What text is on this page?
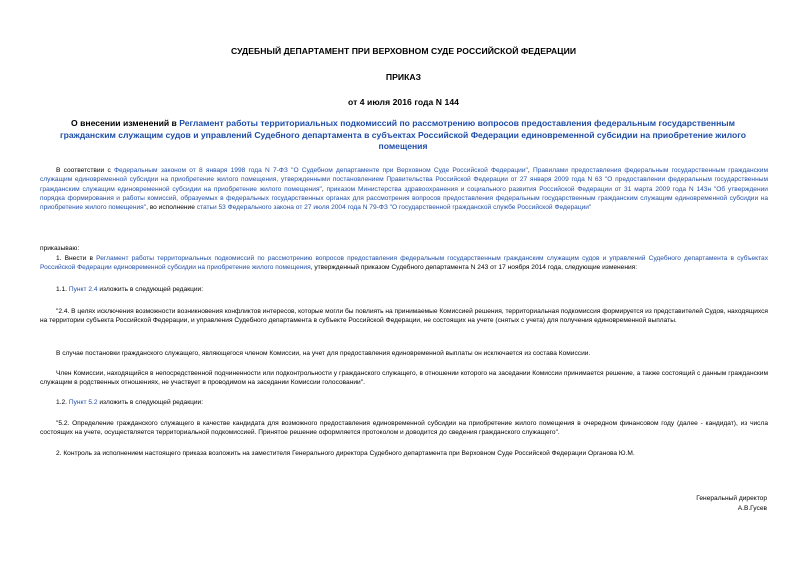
СУДЕБНЫЙ ДЕПАРТАМЕНТ ПРИ ВЕРХОВНОМ СУДЕ РОССИЙСКОЙ ФЕДЕРАЦИИ
ПРИКАЗ
от 4 июля 2016 года N 144
О внесении изменений в Регламент работы территориальных подкомиссий по рассмотрению вопросов предоставления федеральным государственным гражданским служащим судов и управлений Судебного департамента в субъектах Российской Федерации единовременной субсидии на приобретение жилого помещения
В соответствии с Федеральным законом от 8 января 1998 года N 7-ФЗ "О Судебном департаменте при Верховном Суде Российской Федерации", Правилами предоставления федеральным государственным гражданским служащим единовременной субсидии на приобретение жилого помещения, утвержденными постановлением Правительства Российской Федерации от 27 января 2009 года N 63 "О предоставлении федеральным государственным гражданским служащим единовременной субсидии на приобретение жилого помещения", приказом Министерства здравоохранения и социального развития Российской Федерации от 31 марта 2009 года N 143н "Об утверждении порядка формирования и работы комиссий, образуемых в федеральных государственных органах для рассмотрения вопросов предоставления федеральным государственным гражданским служащим единовременной субсидии на приобретение жилого помещения", во исполнение статьи 53 Федерального закона от 27 июля 2004 года N 79-ФЗ "О государственной гражданской службе Российской Федерации"
приказываю:
1. Внести в Регламент работы территориальных подкомиссий по рассмотрению вопросов предоставления федеральным государственным гражданским служащим судов и управлений Судебного департамента в субъектах Российской Федерации единовременной субсидии на приобретение жилого помещения, утвержденный приказом Судебного департамента N 243 от 17 ноября 2014 года, следующие изменения:
1.1. Пункт 2.4 изложить в следующей редакции:
"2.4. В целях исключения возможности возникновения конфликтов интересов, которые могли бы повлиять на принимаемые Комиссией решения, территориальная подкомиссия формируется из представителей Судов, находящихся на территории субъекта Российской Федерации, и управления Судебного департамента в субъекте Российской Федерации, не состоящих на учете (снятых с учета) для получения единовременной выплаты.
В случае постановки гражданского служащего, являющегося членом Комиссии, на учет для предоставления единовременной выплаты он исключается из состава Комиссии.
Член Комиссии, находящийся в непосредственной подчиненности или подконтрольности у гражданского служащего, в отношении которого на заседании Комиссии принимается решение, а также состоящий с данным гражданским служащим в родственных отношениях, не участвует в проводимом на заседании Комиссии голосовании".
1.2. Пункт 5.2 изложить в следующей редакции:
"5.2. Определение гражданского служащего в качестве кандидата для возможного предоставления единовременной субсидии на приобретение жилого помещения в очередном финансовом году (далее - кандидат), из числа состоящих на учете, осуществляется территориальной подкомиссией. Принятое решение оформляется протоколом и доводится до сведения гражданского служащего".
2. Контроль за исполнением настоящего приказа возложить на заместителя Генерального директора Судебного департамента при Верховном Суде Российской Федерации Органова Ю.М.
Генеральный директор
А.В.Гусев
